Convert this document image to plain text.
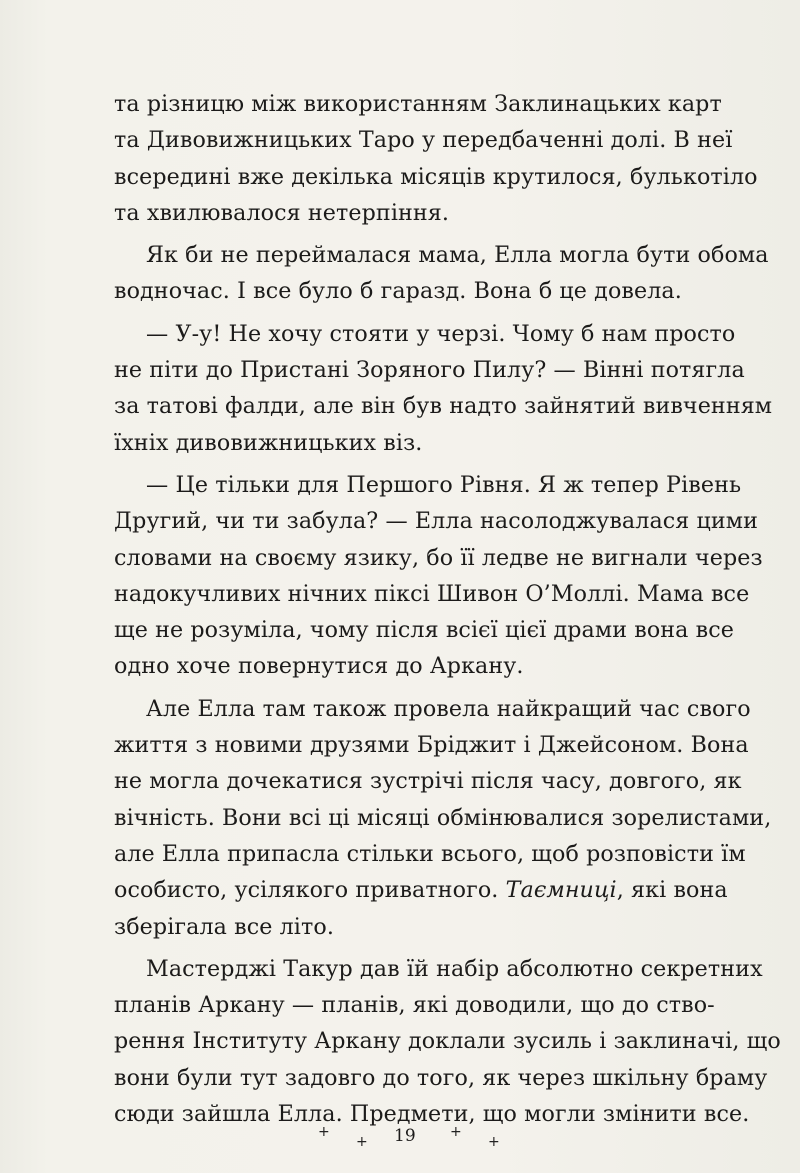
та різницю між використанням Заклинацьких карт
та Дивовижницьких Таро у передбаченні долі. В неї
всередині вже декілька місяців крутилося, булькотіло
та хвилювалося нетерпіння.

Як би не переймалася мама, Елла могла бути обома
водночас. І все було б гаразд. Вона б це довела.

— У-у! Не хочу стояти у черзі. Чому б нам просто
не піти до Пристані Зоряного Пилу? — Вінні потягла
за татові фалди, але він був надто зайнятий вивченням
їхніх дивовижницьких віз.

— Це тільки для Першого Рівня. Я ж тепер Рівень
Другий, чи ти забула? — Елла насолоджувалася цими
словами на своєму язику, бо її ледве не вигнали через
надокучливих нічних піксі Шивон О’Моллі. Мама все
ще не розуміла, чому після всієї цієї драми вона все
одно хоче повернутися до Аркану.

Але Елла там також провела найкращий час свого
життя з новими друзями Бріджит і Джейсоном. Вона
не могла дочекатися зустрічі після часу, довгого, як
вічність. Вони всі ці місяці обмінювалися зорелистами,
але Елла припасла стільки всього, щоб розповісти їм
особисто, усілякого приватного. Таємниці, які вона
зберігала все літо.

Мастерджі Такур дав їй набір абсолютно секретних
планів Аркану — планів, які доводили, що до ство-
рення Інституту Аркану доклали зусиль і заклиначі, що
вони були тут задовго до того, як через шкільну браму
сюди зайшла Елла. Предмети, що могли змінити все.

+
+ 19 +
+
